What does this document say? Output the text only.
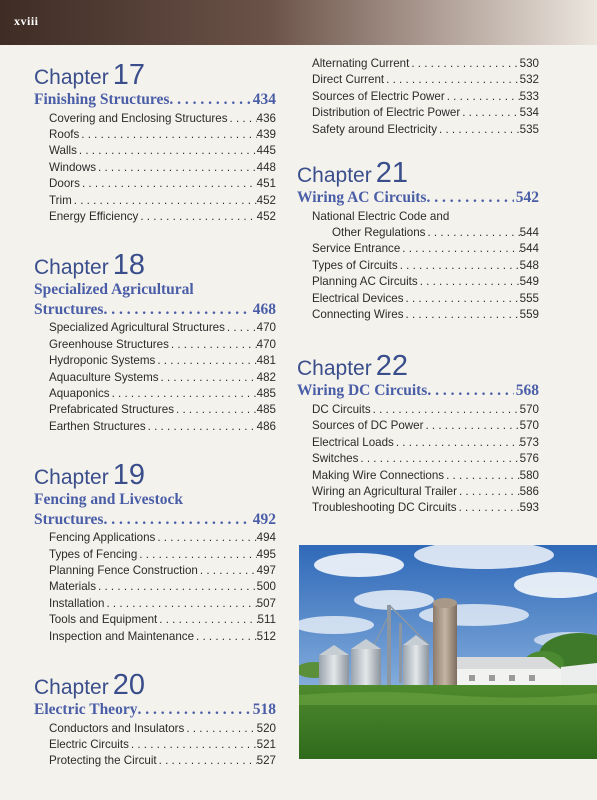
xviii
Chapter 17
Finishing Structures . . .	434
Covering and Enclosing Structures . . .	436
Roofs . . .	439
Walls . . .	445
Windows . . .	448
Doors . . .	451
Trim . . .	452
Energy Efficiency . . .	452
Chapter 18
Specialized Agricultural
Structures . . .	468
Specialized Agricultural Structures . . .	470
Greenhouse Structures . . .	470
Hydroponic Systems . . .	481
Aquaculture Systems . . .	482
Aquaponics . . .	485
Prefabricated Structures . . .	485
Earthen Structures . . .	486
Chapter 19
Fencing and Livestock
Structures . . .	492
Fencing Applications . . .	494
Types of Fencing . . .	495
Planning Fence Construction . . .	497
Materials . . .	500
Installation . . .	507
Tools and Equipment . . .	511
Inspection and Maintenance . . .	512
Chapter 20
Electric Theory . . .	518
Conductors and Insulators . . .	520
Electric Circuits . . .	521
Protecting the Circuit . . .	527
Alternating Current . . .	530
Direct Current . . .	532
Sources of Electric Power . . .	533
Distribution of Electric Power . . .	534
Safety around Electricity . . .	535
Chapter 21
Wiring AC Circuits . . .	542
National Electric Code and
Other Regulations . . .	544
Service Entrance . . .	544
Types of Circuits . . .	548
Planning AC Circuits . . .	549
Electrical Devices . . .	555
Connecting Wires . . .	559
Chapter 22
Wiring DC Circuits . . .	568
DC Circuits . . .	570
Sources of DC Power . . .	570
Electrical Loads . . .	573
Switches . . .	576
Making Wire Connections . . .	580
Wiring an Agricultural Trailer . . .	586
Troubleshooting DC Circuits . . .	593
